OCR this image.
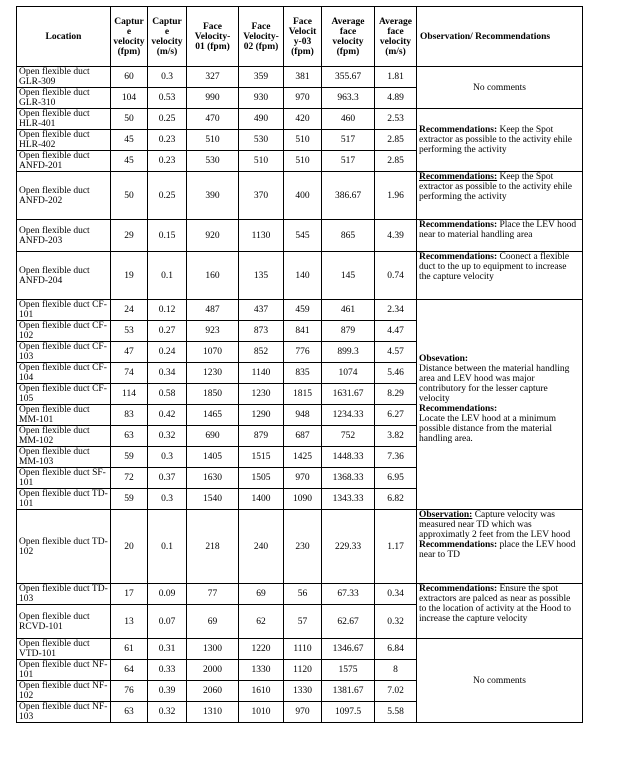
Location	Captur e velocity (fpm)	Captur e velocity (m/s)	Face Velocity- 01 (fpm)	Face Velocity- 02 (fpm)	Face Velocit y-03 (fpm)	Average face velocity (fpm)	Average face velocity (m/s)	Observation/ Recommendations
Open flexible duct GLR-309	60	0.3	327	359	381	355.67	1.81	No comments
Open flexible duct GLR-310	104	0.53	990	930	970	963.3	4.89	
Open flexible duct HLR-401	50	0.25	470	490	420	460	2.53	Recommendations: Keep the Spot extractor as possible to the activity ehile performing the activity
Open flexible duct HLR-402	45	0.23	510	530	510	517	2.85	
Open flexible duct ANFD-201	45	0.23	530	510	510	517	2.85	
Open flexible duct ANFD-202	50	0.25	390	370	400	386.67	1.96	Recommendations: Keep the Spot extractor as possible to the activity ehile performing the activity
Open flexible duct ANFD-203	29	0.15	920	1130	545	865	4.39	Recommendations: Place the LEV hood near to material handling area
Open flexible duct ANFD-204	19	0.1	160	135	140	145	0.74	Recommendations: Coonect a flexible duct to the up to equipment to increase the capture velocity
Open flexible duct CF-101	24	0.12	487	437	459	461	2.34	Obsevation:
Distance between the material handling area and LEV hood was major contributory for the lesser capture velocity
Recommendations:
Locate the LEV hood at a minimum possible distance from the material handling area.

Open flexible duct CF-102	53	0.27	923	873	841	879	4.47	
Open flexible duct CF-103	47	0.24	1070	852	776	899.3	4.57	
Open flexible duct CF-104	74	0.34	1230	1140	835	1074	5.46	
Open flexible duct CF-105	114	0.58	1850	1230	1815	1631.67	8.29	
Open flexible duct MM-101	83	0.42	1465	1290	948	1234.33	6.27	
Open flexible duct MM-102	63	0.32	690	879	687	752	3.82	
Open flexible duct MM-103	59	0.3	1405	1515	1425	1448.33	7.36	
Open flexible duct SF-101	72	0.37	1630	1505	970	1368.33	6.95	
Open flexible duct TD-101	59	0.3	1540	1400	1090	1343.33	6.82	
Open flexible duct TD-102	20	0.1	218	240	230	229.33	1.17	Observation: Capture velocity was measured near TD which was approximatly 2 feet from the LEV hood
Recommendations: place the LEV hood near to TD

Open flexible duct TD-103	17	0.09	77	69	56	67.33	0.34	Recommendations: Ensure the spot extractors are palced as near as possible to the location of activity at the Hood to increase the capture velocity
Open flexible duct RCVD-101	13	0.07	69	62	57	62.67	0.32	
Open flexible duct VTD-101	61	0.31	1300	1220	1110	1346.67	6.84	No comments
Open flexible duct NF-101	64	0.33	2000	1330	1120	1575	8	
Open flexible duct NF-102	76	0.39	2060	1610	1330	1381.67	7.02	
Open flexible duct NF-103	63	0.32	1310	1010	970	1097.5	5.58	
